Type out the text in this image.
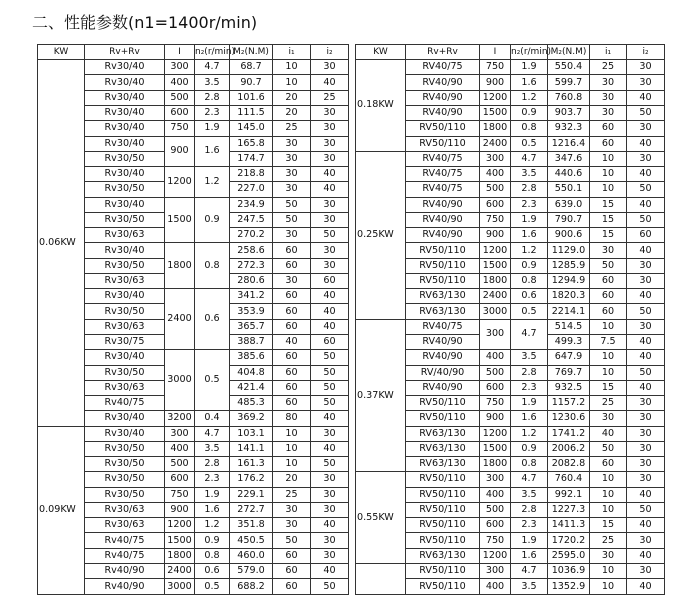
二、性能参数(n1=1400r/min)
KW	Rv+Rv	I	n₂(r/min)	M₂(N.M)	i₁	i₂
0.06KW	Rv30/40	300	4.7	68.7	10	30
	Rv30/40	400	3.5	90.7	10	40
	Rv30/40	500	2.8	101.6	20	25
	Rv30/40	600	2.3	111.5	20	30
	Rv30/40	750	1.9	145.0	25	30
	Rv30/40	900	1.6	165.8	30	30
	Rv30/50			174.7	30	30
	Rv30/40	1200	1.2	218.8	30	40
	Rv30/50			227.0	30	40
	Rv30/40	1500	0.9	234.9	50	30
	Rv30/50			247.5	50	30
	Rv30/63			270.2	30	50
	Rv30/40	1800	0.8	258.6	60	30
	Rv30/50			272.3	60	30
	Rv30/63			280.6	30	60
	Rv30/40	2400	0.6	341.2	60	40
	Rv30/50			353.9	60	40
	Rv30/63			365.7	60	40
	Rv30/75			388.7	40	60
	Rv30/40	3000	0.5	385.6	60	50
	Rv30/50			404.8	60	50
	Rv30/63			421.4	60	50
	Rv40/75			485.3	60	50
	Rv30/40	3200	0.4	369.2	80	40
0.09KW	Rv30/40	300	4.7	103.1	10	30
	Rv30/50	400	3.5	141.1	10	40
	Rv30/50	500	2.8	161.3	10	50
	Rv30/50	600	2.3	176.2	20	30
	Rv30/50	750	1.9	229.1	25	30
	Rv30/63	900	1.6	272.7	30	30
	Rv30/63	1200	1.2	351.8	30	40
	Rv40/75	1500	0.9	450.5	50	30
	Rv40/75	1800	0.8	460.0	60	30
	Rv40/90	2400	0.6	579.0	60	40
	Rv40/90	3000	0.5	688.2	60	50
KW	Rv+Rv	I	n₂(r/min)	M₂(N.M)	i₁	i₂
0.18KW	RV40/75	750	1.9	550.4	25	30
	RV40/90	900	1.6	599.7	30	30
	RV40/90	1200	1.2	760.8	30	40
	RV40/90	1500	0.9	903.7	30	50
	RV50/110	1800	0.8	932.3	60	30
	RV50/110	2400	0.5	1216.4	60	40
0.25KW	RV40/75	300	4.7	347.6	10	30
	RV40/75	400	3.5	440.6	10	40
	RV40/75	500	2.8	550.1	10	50
	RV40/90	600	2.3	639.0	15	40
	RV40/90	750	1.9	790.7	15	50
	RV40/90	900	1.6	900.6	15	60
	RV50/110	1200	1.2	1129.0	30	40
	RV50/110	1500	0.9	1285.9	50	30
	RV50/110	1800	0.8	1294.9	60	30
	RV63/130	2400	0.6	1820.3	60	40
	RV63/130	3000	0.5	2214.1	60	50
0.37KW	RV40/75	300	4.7	514.5	10	30
	RV40/90			499.3	7.5	40
	RV40/90	400	3.5	647.9	10	40
	RV/40/90	500	2.8	769.7	10	50
	RV40/90	600	2.3	932.5	15	40
	RV50/110	750	1.9	1157.2	25	30
	RV50/110	900	1.6	1230.6	30	30
	RV63/130	1200	1.2	1741.2	40	30
	RV63/130	1500	0.9	2006.2	50	30
	RV63/130	1800	0.8	2082.8	60	30
0.55KW	RV50/110	300	4.7	760.4	10	30
	RV50/110	400	3.5	992.1	10	40
	RV50/110	500	2.8	1227.3	10	50
	RV50/110	600	2.3	1411.3	15	40
	RV50/110	750	1.9	1720.2	25	30
	RV63/130	1200	1.6	2595.0	30	40
	RV50/110	300	4.7	1036.9	10	30
	RV50/110	400	3.5	1352.9	10	40
